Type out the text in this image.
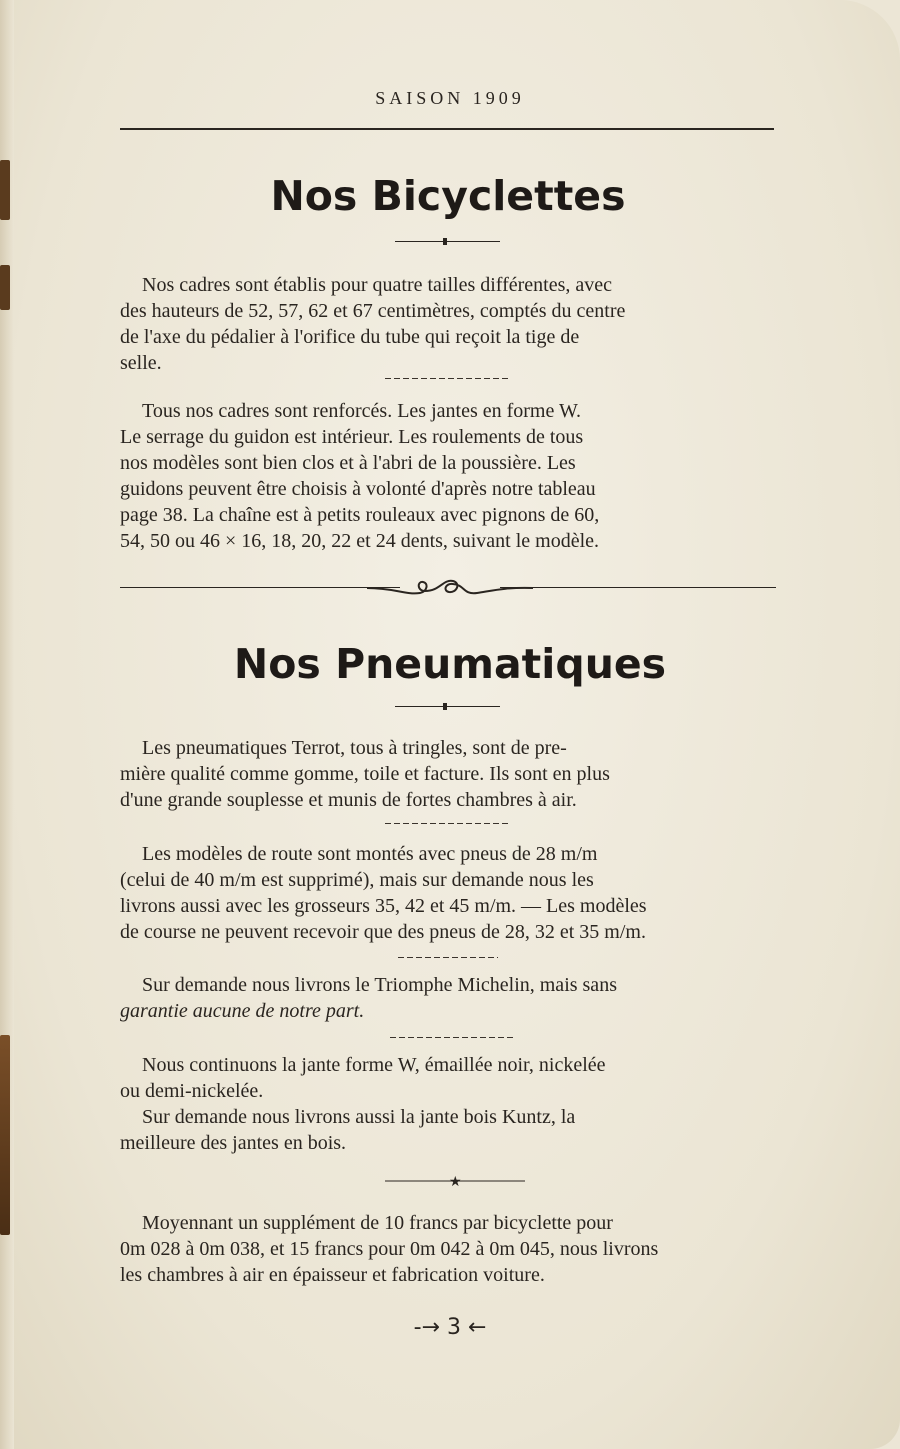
SAISON 1909
Nos Bicyclettes
Nos cadres sont établis pour quatre tailles différentes, avec
des hauteurs de 52, 57, 62 et 67 centimètres, comptés du centre
de l'axe du pédalier à l'orifice du tube qui reçoit la tige de
selle.
Tous nos cadres sont renforcés. Les jantes en forme W.
Le serrage du guidon est intérieur. Les roulements de tous
nos modèles sont bien clos et à l'abri de la poussière. Les
guidons peuvent être choisis à volonté d'après notre tableau
page 38. La chaîne est à petits rouleaux avec pignons de 60,
54, 50 ou 46 × 16, 18, 20, 22 et 24 dents, suivant le modèle.
Nos Pneumatiques
Les pneumatiques Terrot, tous à tringles, sont de pre-
mière qualité comme gomme, toile et facture. Ils sont en plus
d'une grande souplesse et munis de fortes chambres à air.
Les modèles de route sont montés avec pneus de 28 m/m
(celui de 40 m/m est supprimé), mais sur demande nous les
livrons aussi avec les grosseurs 35, 42 et 45 m/m. — Les modèles
de course ne peuvent recevoir que des pneus de 28, 32 et 35 m/m.
Sur demande nous livrons le Triomphe Michelin, mais sans
garantie aucune de notre part.
Nous continuons la jante forme W, émaillée noir, nickelée
ou demi-nickelée.
Sur demande nous livrons aussi la jante bois Kuntz, la
meilleure des jantes en bois.
★
Moyennant un supplément de 10 francs par bicyclette pour
0m 028 à 0m 038, et 15 francs pour 0m 042 à 0m 045, nous livrons
les chambres à air en épaisseur et fabrication voiture.
-→ 3 ←
